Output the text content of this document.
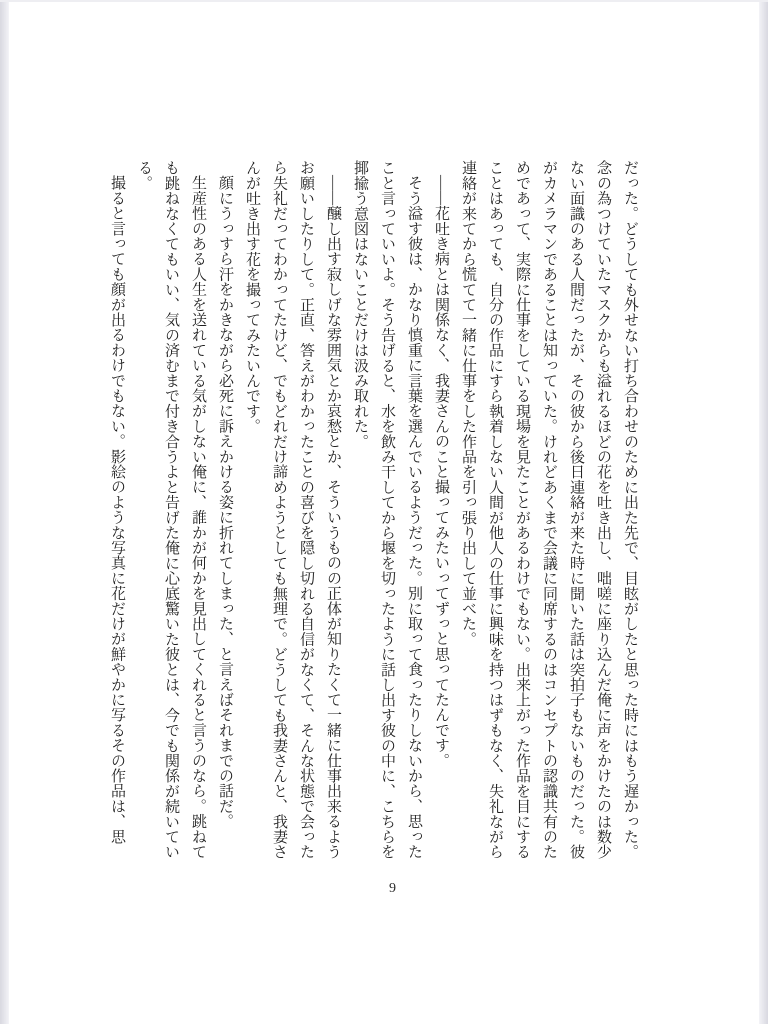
だった。どうしても外せない打ち合わせのために出た先で、目眩がしたと思った時にはもう遅かった。念の為つけていたマスクからも溢れるほどの花を吐き出し、咄嗟に座り込んだ俺に声をかけたのは数少ない面識のある人間だったが、その彼から後日連絡が来た時に聞いた話は突拍子もないものだった。彼がカメラマンであることは知っていた。けれどあくまで会議に同席するのはコンセプトの認識共有のためであって、実際に仕事をしている現場を見たことがあるわけでもない。出来上がった作品を目にすることはあっても、自分の作品にすら執着しない人間が他人の仕事に興味を持つはずもなく、失礼ながら連絡が来てから慌てて一緒に仕事をした作品を引っ張り出して並べた。

――花吐き病とは関係なく、我妻さんのこと撮ってみたいってずっと思ってたんです。

そう溢す彼は、かなり慎重に言葉を選んでいるようだった。別に取って食ったりしないから、思ったこと言っていいよ。そう告げると、水を飲み干してから堰を切ったように話し出す彼の中に、こちらを揶揄う意図はないことだけは汲み取れた。

――醸し出す寂しげな雰囲気とか哀愁とか、そういうものの正体が知りたくて一緒に仕事出来るようお願いしたりして。正直、答えがわかったことの喜びを隠し切れる自信がなくて、そんな状態で会ったら失礼だってわかってたけど、でもどれだけ諦めようとしても無理で。どうしても我妻さんと、我妻さんが吐き出す花を撮ってみたいんです。

顔にうっすら汗をかきながら必死に訴えかける姿に折れてしまった、と言えばそれまでの話だ。

生産性のある人生を送れている気がしない俺に、誰かが何かを見出してくれると言うのなら。跳ねても跳ねなくてもいい、気の済むまで付き合うよと告げた俺に心底驚いた彼とは、今でも関係が続いている。

撮ると言っても顔が出るわけでもない。影絵のような写真に花だけが鮮やかに写るその作品は、思

9
